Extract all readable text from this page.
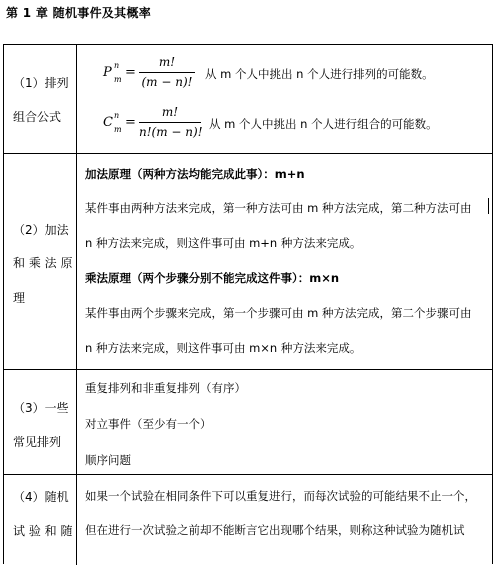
第 1 章 随机事件及其概率
（1）排列
组合公式
P n
m =
m!
(m − n)!
从 m 个人中挑出 n 个人进行排列的可能数。
C n
m =
m!
n!(m − n)!
从 m 个人中挑出 n 个人进行组合的可能数。
（2）加法
和 乘 法 原
理
加法原理（两种方法均能完成此事）：m+n
某件事由两种方法来完成，第一种方法可由 m 种方法完成，第二种方法可由
n 种方法来完成，则这件事可由 m+n 种方法来完成。
乘法原理（两个步骤分别不能完成这件事）：m×n
某件事由两个步骤来完成，第一个步骤可由 m 种方法完成，第二个步骤可由
n 种方法来完成，则这件事可由 m×n 种方法来完成。
（3）一些
常见排列
重复排列和非重复排列（有序）
对立事件（至少有一个）
顺序问题
（4）随机
试 验 和 随
如果一个试验在相同条件下可以重复进行，而每次试验的可能结果不止一个，
但在进行一次试验之前却不能断言它出现哪个结果，则称这种试验为随机试
